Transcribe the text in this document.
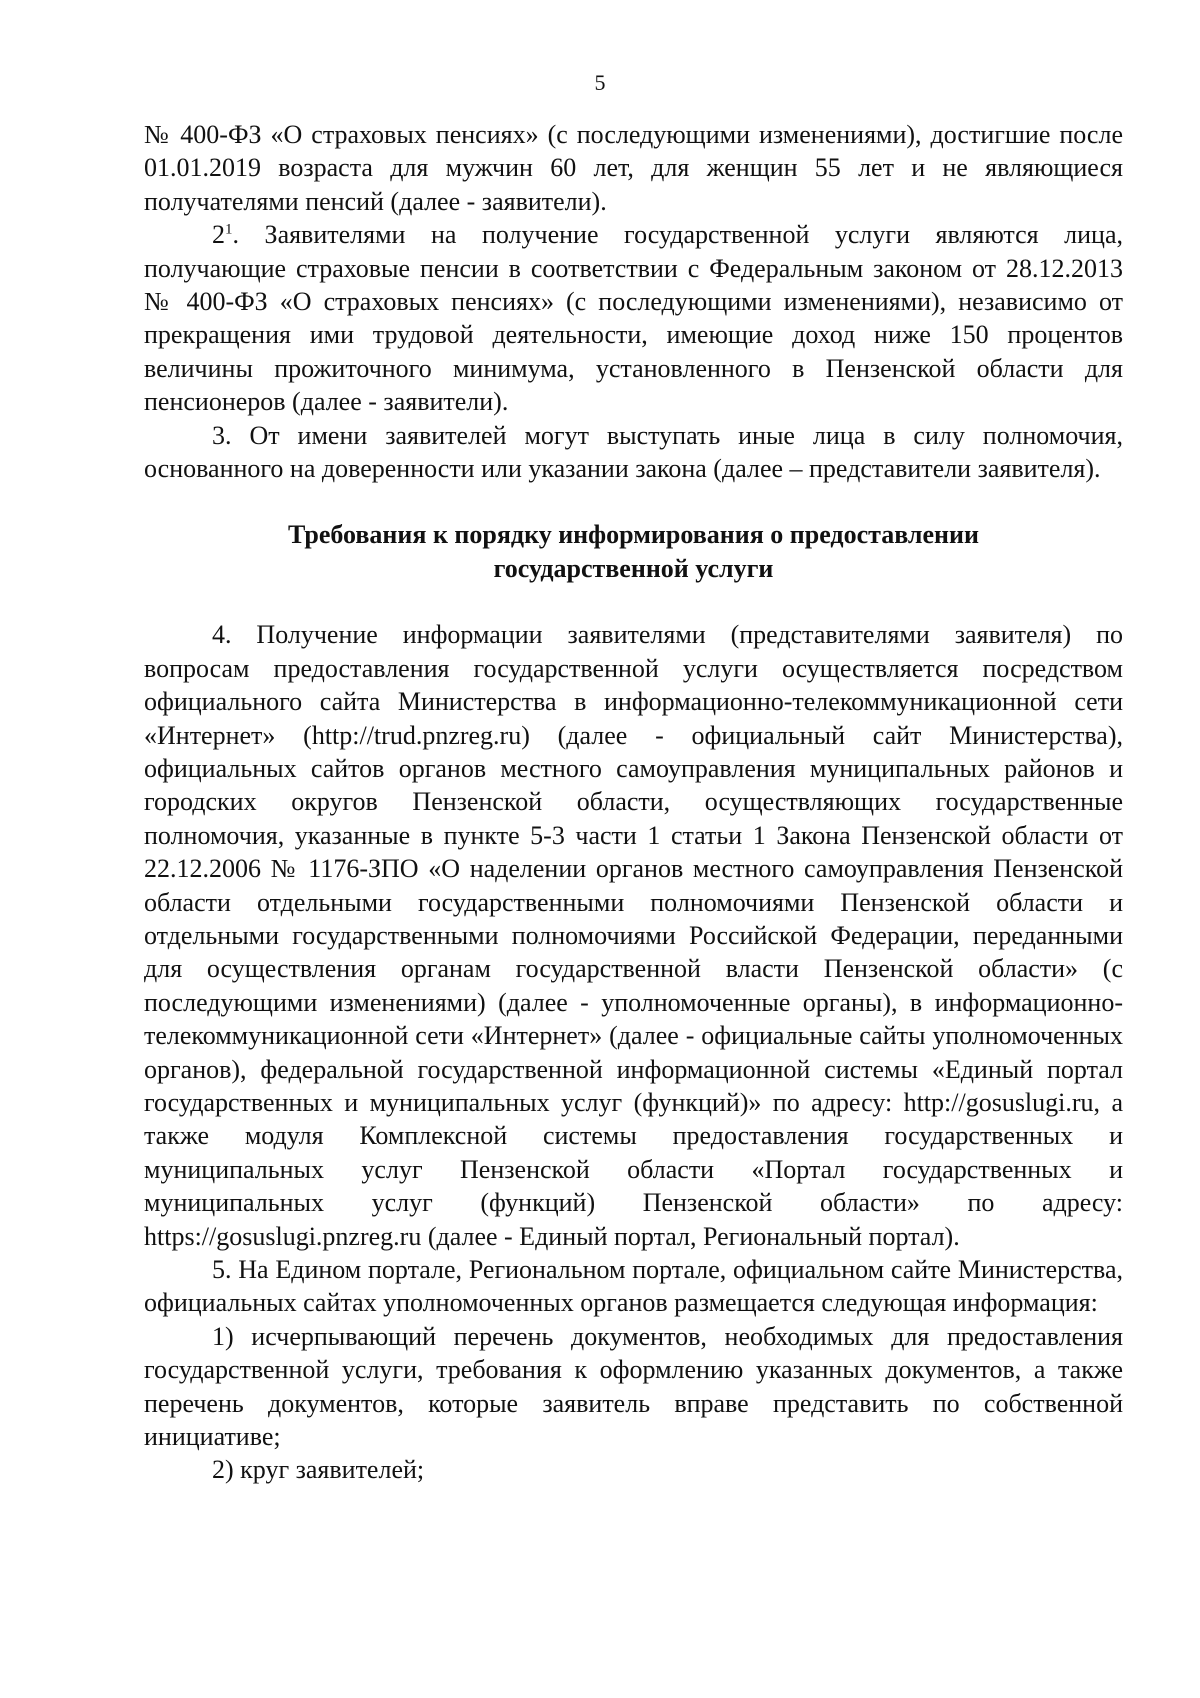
5

№ 400-ФЗ «О страховых пенсиях» (с последующими изменениями), достигшие после 01.01.2019 возраста для мужчин 60 лет, для женщин 55 лет и не являющиеся получателями пенсий (далее - заявители).

$2^1$. Заявителями на получение государственной услуги являются лица, получающие страховые пенсии в соответствии с Федеральным законом от 28.12.2013 № 400-ФЗ «О страховых пенсиях» (с последующими изменениями), независимо от прекращения ими трудовой деятельности, имеющие доход ниже 150 процентов величины прожиточного минимума, установленного в Пензенской области для пенсионеров (далее - заявители).

3. От имени заявителей могут выступать иные лица в силу полномочия, основанного на доверенности или указании закона (далее – представители заявителя).

Требования к порядку информирования о предоставлении
государственной услуги

4. Получение информации заявителями (представителями заявителя) по вопросам предоставления государственной услуги осуществляется посредством официального сайта Министерства в информационно-телекоммуникационной сети «Интернет» (http://trud.pnzreg.ru) (далее - официальный сайт Министерства), официальных сайтов органов местного самоуправления муниципальных районов и городских округов Пензенской области, осуществляющих государственные полномочия, указанные в пункте 5-3 части 1 статьи 1 Закона Пензенской области от 22.12.2006 № 1176-ЗПО «О наделении органов местного самоуправления Пензенской области отдельными государственными полномочиями Пензенской области и отдельными государственными полномочиями Российской Федерации, переданными для осуществления органам государственной власти Пензенской области» (с последующими изменениями) (далее - уполномоченные органы), в информационно-телекоммуникационной сети «Интернет» (далее - официальные сайты уполномоченных органов), федеральной государственной информационной системы «Единый портал государственных и муниципальных услуг (функций)» по адресу: http://gosuslugi.ru, а также модуля Комплексной системы предоставления государственных и муниципальных услуг Пензенской области «Портал государственных и муниципальных услуг (функций) Пензенской области» по адресу: https://gosuslugi.pnzreg.ru (далее - Единый портал, Региональный портал).

5. На Едином портале, Региональном портале, официальном сайте Министерства, официальных сайтах уполномоченных органов размещается следующая информация:

1) исчерпывающий перечень документов, необходимых для предоставления государственной услуги, требования к оформлению указанных документов, а также перечень документов, которые заявитель вправе представить по собственной инициативе;

2) круг заявителей;
